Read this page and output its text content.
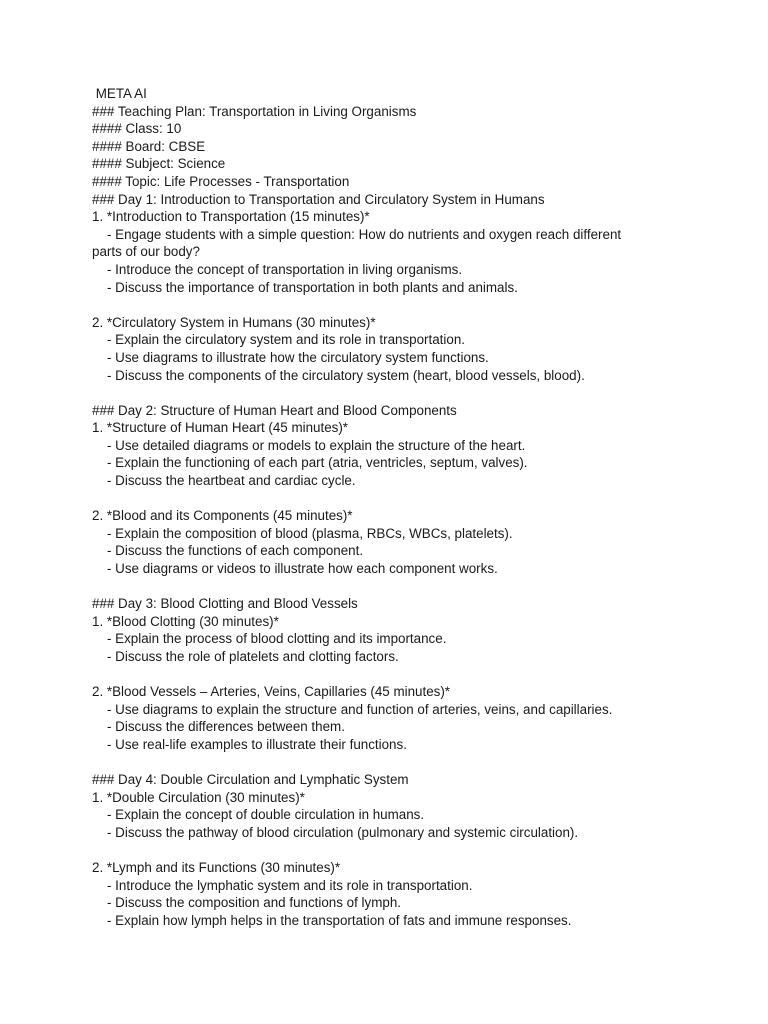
META AI
### Teaching Plan: Transportation in Living Organisms
#### Class: 10
#### Board: CBSE
#### Subject: Science
#### Topic: Life Processes - Transportation
### Day 1: Introduction to Transportation and Circulatory System in Humans
1. *Introduction to Transportation (15 minutes)*
- Engage students with a simple question: How do nutrients and oxygen reach different
parts of our body?
- Introduce the concept of transportation in living organisms.
- Discuss the importance of transportation in both plants and animals.
2. *Circulatory System in Humans (30 minutes)*
- Explain the circulatory system and its role in transportation.
- Use diagrams to illustrate how the circulatory system functions.
- Discuss the components of the circulatory system (heart, blood vessels, blood).
### Day 2: Structure of Human Heart and Blood Components
1. *Structure of Human Heart (45 minutes)*
- Use detailed diagrams or models to explain the structure of the heart.
- Explain the functioning of each part (atria, ventricles, septum, valves).
- Discuss the heartbeat and cardiac cycle.
2. *Blood and its Components (45 minutes)*
- Explain the composition of blood (plasma, RBCs, WBCs, platelets).
- Discuss the functions of each component.
- Use diagrams or videos to illustrate how each component works.
### Day 3: Blood Clotting and Blood Vessels
1. *Blood Clotting (30 minutes)*
- Explain the process of blood clotting and its importance.
- Discuss the role of platelets and clotting factors.
2. *Blood Vessels – Arteries, Veins, Capillaries (45 minutes)*
- Use diagrams to explain the structure and function of arteries, veins, and capillaries.
- Discuss the differences between them.
- Use real-life examples to illustrate their functions.
### Day 4: Double Circulation and Lymphatic System
1. *Double Circulation (30 minutes)*
- Explain the concept of double circulation in humans.
- Discuss the pathway of blood circulation (pulmonary and systemic circulation).
2. *Lymph and its Functions (30 minutes)*
- Introduce the lymphatic system and its role in transportation.
- Discuss the composition and functions of lymph.
- Explain how lymph helps in the transportation of fats and immune responses.
